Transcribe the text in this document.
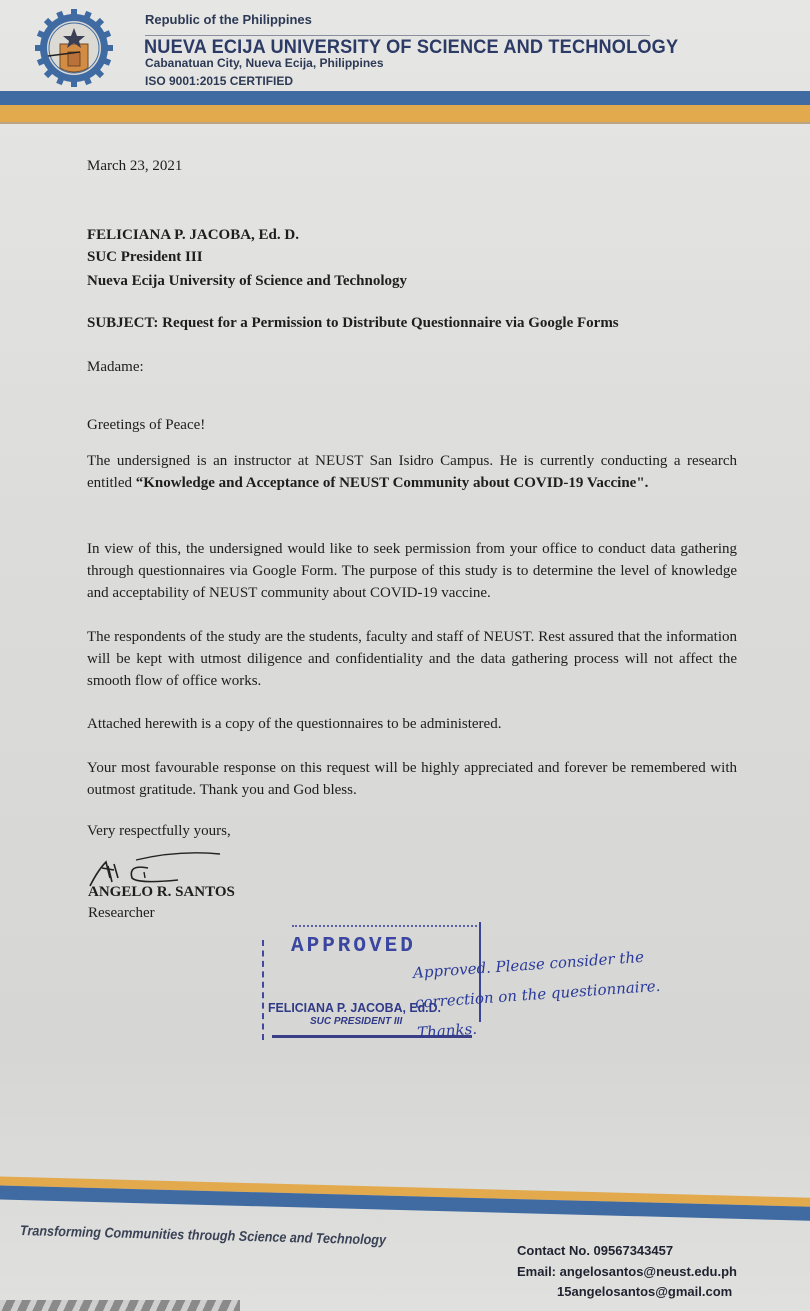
Republic of the Philippines
NUEVA ECIJA UNIVERSITY OF SCIENCE AND TECHNOLOGY
Cabanatuan City, Nueva Ecija, Philippines
ISO 9001:2015 CERTIFIED
March 23, 2021
FELICIANA P. JACOBA, Ed. D.
SUC President III
Nueva Ecija University of Science and Technology
SUBJECT: Request for a Permission to Distribute Questionnaire via Google Forms
Madame:
Greetings of Peace!
The undersigned is an instructor at NEUST San Isidro Campus. He is currently conducting a research entitled “Knowledge and Acceptance of NEUST Community about COVID-19 Vaccine".
In view of this, the undersigned would like to seek permission from your office to conduct data gathering through questionnaires via Google Form. The purpose of this study is to determine the level of knowledge and acceptability of NEUST community about COVID-19 vaccine.
The respondents of the study are the students, faculty and staff of NEUST. Rest assured that the information will be kept with utmost diligence and confidentiality and the data gathering process will not affect the smooth flow of office works.
Attached herewith is a copy of the questionnaires to be administered.
Your most favourable response on this request will be highly appreciated and forever be remembered with outmost gratitude. Thank you and God bless.
Very respectfully yours,
ANGELO R. SANTOS
Researcher
APPROVED
FELICIANA P. JACOBA, Ed.D.
SUC PRESIDENT III
Approved. Please consider the correction on the questionnaire. Thanks.
Transforming Communities through Science and Technology
Contact No. 09567343457
Email: angelosantos@neust.edu.ph
15angelosantos@gmail.com
